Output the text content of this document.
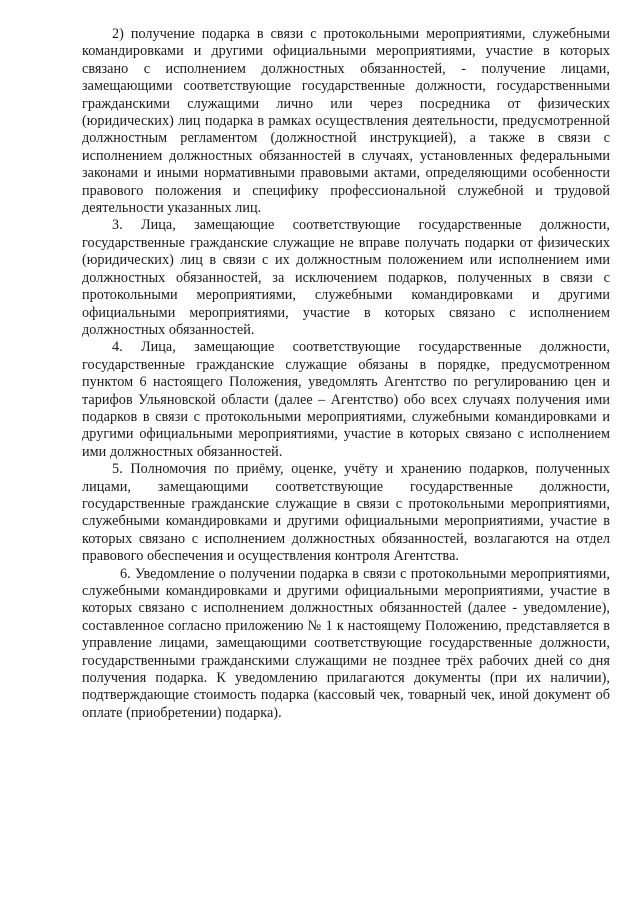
2) получение подарка в связи с протокольными мероприятиями, служебными командировками и другими официальными мероприятиями, участие в которых связано с исполнением должностных обязанностей, - получение лицами, замещающими соответствующие государственные должности, государственными гражданскими служащими лично или через посредника от физических (юридических) лиц подарка в рамках осуществления деятельности, предусмотренной должностным регламентом (должностной инструкцией), а также в связи с исполнением должностных обязанностей в случаях, установленных федеральными законами и иными нормативными правовыми актами, определяющими особенности правового положения и специфику профессиональной служебной и трудовой деятельности указанных лиц.

3. Лица, замещающие соответствующие государственные должности, государственные гражданские служащие не вправе получать подарки от физических (юридических) лиц в связи с их должностным положением или исполнением ими должностных обязанностей, за исключением подарков, полученных в связи с протокольными мероприятиями, служебными командировками и другими официальными мероприятиями, участие в которых связано с исполнением должностных обязанностей.

4. Лица, замещающие соответствующие государственные должности, государственные гражданские служащие обязаны в порядке, предусмотренном пунктом 6 настоящего Положения, уведомлять Агентство по регулированию цен и тарифов Ульяновской области (далее – Агентство) обо всех случаях получения ими подарков в связи с протокольными мероприятиями, служебными командировками и другими официальными мероприятиями, участие в которых связано с исполнением ими должностных обязанностей.

5. Полномочия по приёму, оценке, учёту и хранению подарков, полученных лицами, замещающими соответствующие государственные должности, государственные гражданские служащие в связи с протокольными мероприятиями, служебными командировками и другими официальными мероприятиями, участие в которых связано с исполнением должностных обязанностей, возлагаются на отдел правового обеспечения и осуществления контроля Агентства.

6. Уведомление о получении подарка в связи с протокольными мероприятиями, служебными командировками и другими официальными мероприятиями, участие в которых связано с исполнением должностных обязанностей (далее - уведомление), составленное согласно приложению № 1 к настоящему Положению, представляется в управление лицами, замещающими соответствующие государственные должности, государственными гражданскими служащими не позднее трёх рабочих дней со дня получения подарка. К уведомлению прилагаются документы (при их наличии), подтверждающие стоимость подарка (кассовый чек, товарный чек, иной документ об оплате (приобретении) подарка).
